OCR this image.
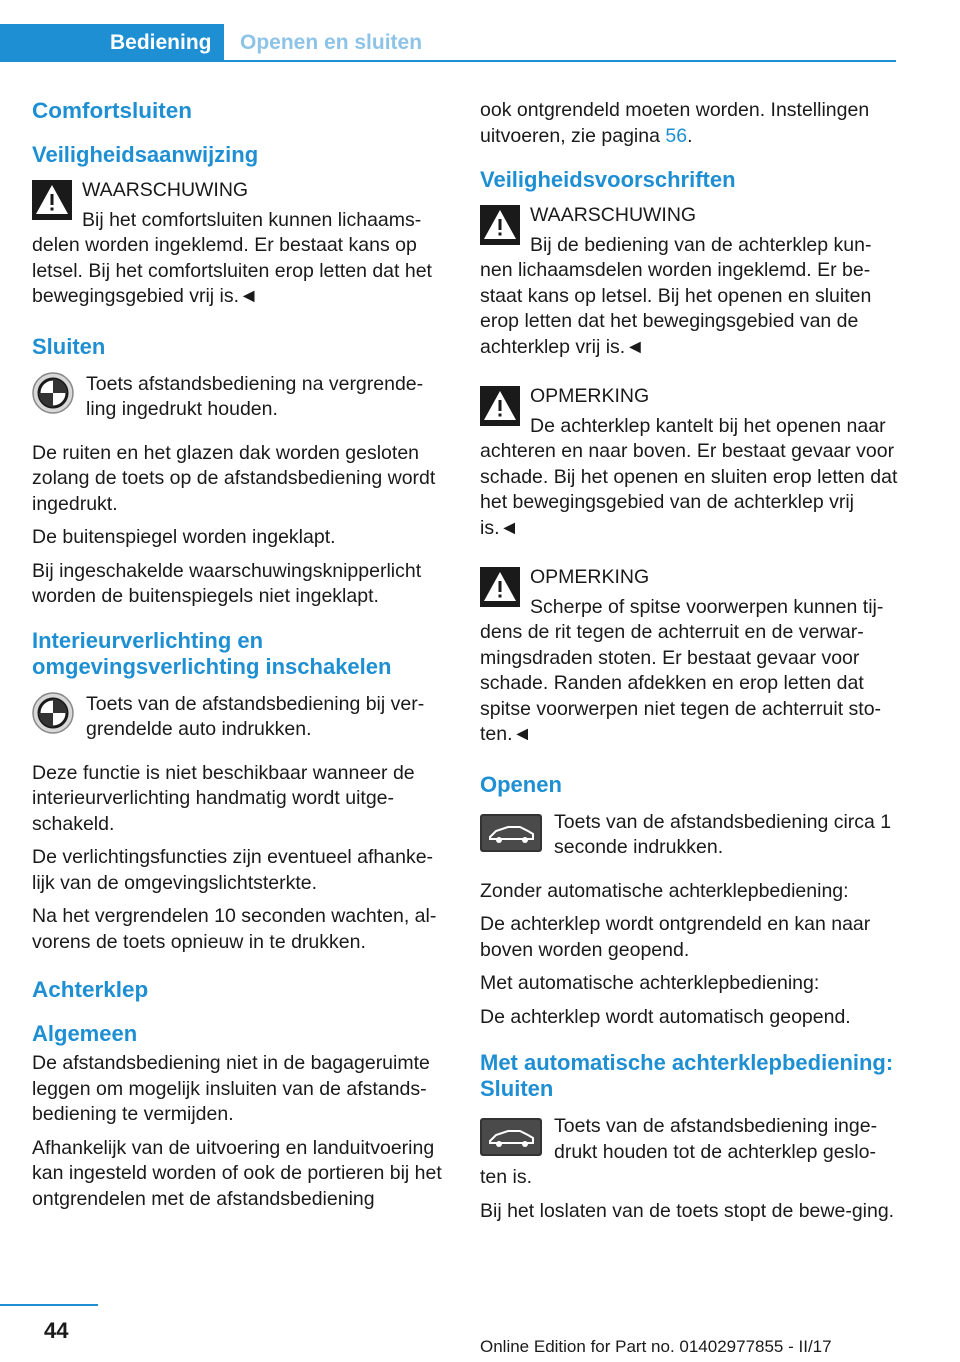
Bediening	Openen en sluiten
Comfortsluiten
Veiligheidsaanwijzing
WAARSCHUWING
Bij het comfortsluiten kunnen lichaams-delen worden ingeklemd. Er bestaat kans op letsel. Bij het comfortsluiten erop letten dat het bewegingsgebied vrij is.◄
Sluiten
Toets afstandsbediening na vergrende-ling ingedrukt houden.

De ruiten en het glazen dak worden gesloten zolang de toets op de afstandsbediening wordt ingedrukt.

De buitenspiegel worden ingeklapt.

Bij ingeschakelde waarschuwingsknipperlicht worden de buitenspiegels niet ingeklapt.

Interieurverlichting en omgevingsverlichting inschakelen
Toets van de afstandsbediening bij ver-grendelde auto indrukken.

Deze functie is niet beschikbaar wanneer de interieurverlichting handmatig wordt uitge-schakeld.

De verlichtingsfuncties zijn eventueel afhanke-lijk van de omgevingslichtsterkte.

Na het vergrendelen 10 seconden wachten, al-vorens de toets opnieuw in te drukken.

Achterklep
Algemeen

De afstandsbediening niet in de bagageruimte leggen om mogelijk insluiten van de afstands-bediening te vermijden.

Afhankelijk van de uitvoering en landuitvoering kan ingesteld worden of ook de portieren bij het ontgrendelen met de afstandsbediening

ook ontgrendeld moeten worden. Instellingen uitvoeren, zie pagina 56.

Veiligheidsvoorschriften
WAARSCHUWING
Bij de bediening van de achterklep kun-nen lichaamsdelen worden ingeklemd. Er be-staat kans op letsel. Bij het openen en sluiten erop letten dat het bewegingsgebied van de achterklep vrij is.◄
OPMERKING
De achterklep kantelt bij het openen naar achteren en naar boven. Er bestaat gevaar voor schade. Bij het openen en sluiten erop letten dat het bewegingsgebied van de achterklep vrij is.◄
OPMERKING
Scherpe of spitse voorwerpen kunnen tij-dens de rit tegen de achterruit en de verwar-mingsdraden stoten. Er bestaat gevaar voor schade. Randen afdekken en erop letten dat spitse voorwerpen niet tegen de achterruit sto-ten.◄
Openen
Toets van de afstandsbediening circa 1 seconde indrukken.

Zonder automatische achterklepbediening:

De achterklep wordt ontgrendeld en kan naar boven worden geopend.

Met automatische achterklepbediening:

De achterklep wordt automatisch geopend.

Met automatische achterklepbediening: Sluiten
Toets van de afstandsbediening inge-drukt houden tot de achterklep geslo-ten is.

Bij het loslaten van de toets stopt de bewe-ging.

44
Online Edition for Part no. 01402977855 - II/17
